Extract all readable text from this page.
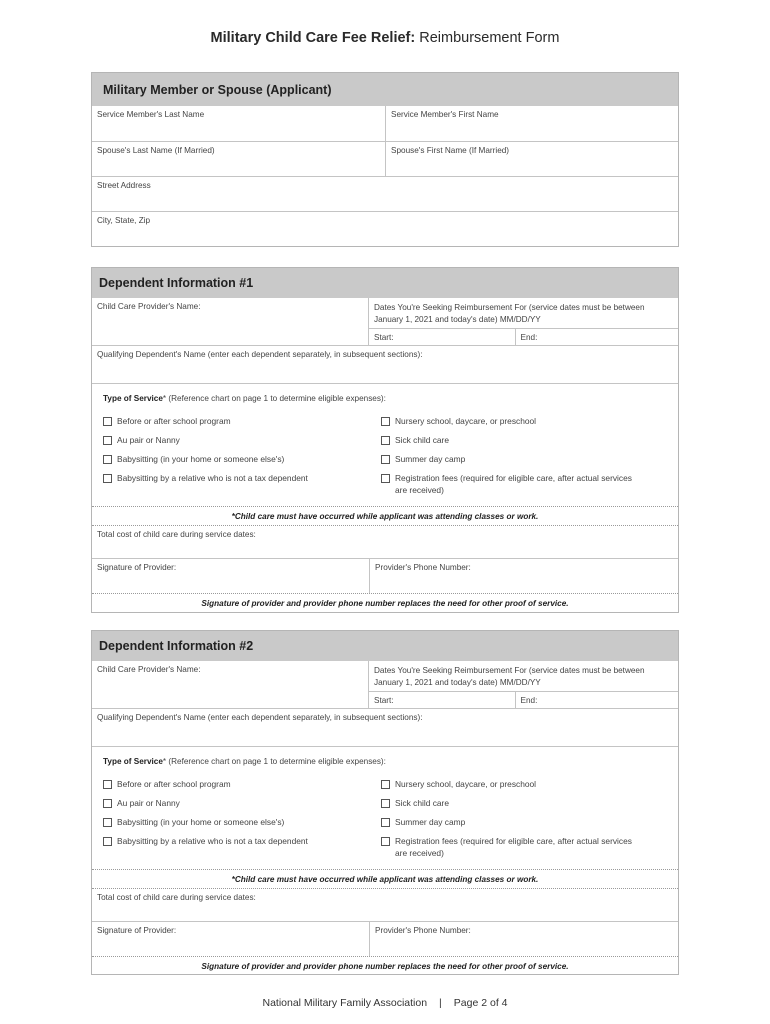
Military Child Care Fee Relief: Reimbursement Form
Military Member or Spouse (Applicant)
Service Member's Last Name	Service Member's First Name
Spouse's Last Name (If Married)	Spouse's First Name (If Married)
Street Address
City, State, Zip
Dependent Information #1
Child Care Provider's Name:	Dates You're Seeking Reimbursement For (service dates must be between January 1, 2021 and today's date) MM/DD/YY
Start:	End:
Qualifying Dependent's Name (enter each dependent separately, in subsequent sections):
Type of Service* (Reference chart on page 1 to determine eligible expenses):
Before or after school program
Au pair or Nanny
Babysitting (in your home or someone else's)
Babysitting by a relative who is not a tax dependent
Nursery school, daycare, or preschool
Sick child care
Summer day camp
Registration fees (required for eligible care, after actual services are received)
*Child care must have occurred while applicant was attending classes or work.
Total cost of child care during service dates:
Signature of Provider:	Provider's Phone Number:
Signature of provider and provider phone number replaces the need for other proof of service.
Dependent Information #2
Child Care Provider's Name:	Dates You're Seeking Reimbursement For (service dates must be between January 1, 2021 and today's date) MM/DD/YY
Start:	End:
Qualifying Dependent's Name (enter each dependent separately, in subsequent sections):
Type of Service* (Reference chart on page 1 to determine eligible expenses):
Before or after school program
Au pair or Nanny
Babysitting (in your home or someone else's)
Babysitting by a relative who is not a tax dependent
Nursery school, daycare, or preschool
Sick child care
Summer day camp
Registration fees (required for eligible care, after actual services are received)
*Child care must have occurred while applicant was attending classes or work.
Total cost of child care during service dates:
Signature of Provider:	Provider's Phone Number:
Signature of provider and provider phone number replaces the need for other proof of service.
National Military Family Association | Page 2 of 4
